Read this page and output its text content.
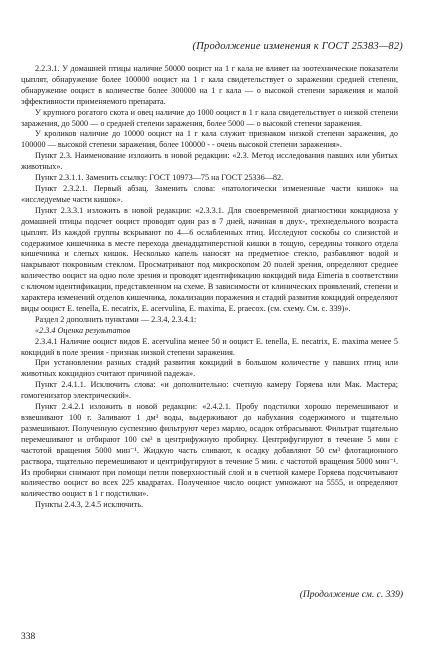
(Продолжение изменения к ГОСТ 25383—82)

2.2.3.1. У домашней птицы наличие 50000 ооцист на 1 г кала не влияет на зоотехнические показатели цыплят, обнаружение более 100000 ооцист на 1 г кала свидетельствует о заражении средней степени, обнаружение ооцист в количестве более 300000 на 1 г кала — о высокой степени заражения и малой эффективности применяемого препарата.

У крупного рогатого скота и овец наличие до 1000 ооцист в 1 г кала свидетельствует о низкой степени заражения, до 5000 — о средней степени заражения, более 5000 — о высокой степени заражения.

У кроликов наличие до 10000 ооцист на 1 г кала служит признаком низкой степени заражения, до 100000 — высокой степени заражения, более 100000 - - очень высокой степени заражения».

Пункт 2.3. Наименование изложить в новой редакции: «2.3. Метод исследования павших или убитых животных».

Пункт 2.3.1.1. Заменить ссылку: ГОСТ 10973—75 на ГОСТ 25336—82.

Пункт 2.3.2.1. Первый абзац. Заменить слова: «патологически измененные части кишок» на «исследуемые части кишок».

Пункт 2.3.3.1 изложить в новой редакции: «2.3.3.1. Для своевременной диагностики кокцидиоза у домашней птицы подсчет ооцист проводят один раз в 7 дней, начиная в двух-, трехнедельного возраста цыплят. Из каждой группы вскрывают по 4—6 ослабленных птиц. Исследуют соскобы со слизистой и содержимое кишечника в месте перехода двенадцатиперстной кишки в тощую, середины тонкого отдела кишечника и слепых кишок. Несколько капель наносят на предметное стекло, разбавляют водой и накрывают покровным стеклом. Просматривают под микроскопом 20 полей зрения, определяют среднее количество ооцист на одно поле зрения и проводят идентификацию кокцидий вида Eimeria в соответствии с ключом идентификации, представленном на схеме. В зависимости от клинических проявлений, степени и характера изменений отделов кишечника, локализации поражения и стадий развития кокцидий определяют виды ооцист E. tenella, E. necatrix, E. acervulina, E. maxima, E. praecox. (см. схему. См. с. 339)».

Раздел 2 дополнить пунктами — 2.3.4, 2.3.4.1:

«2.3.4 Оценка результатов

2.3.4.1 Наличие ооцист видов E. acervulina менее 50 и ооцист E. tenella, E. necatrix, E. maxima менее 5 кокцидий в поле зрения - признак низкой степени заражения.

При установлении разных стадий развития кокцидий в большом количестве у павших птиц или животных кокцидиоз считают причиной падежа».

Пункт 2.4.1.1. Исключить слова: «и дополнительно: счетную камеру Горяева или Мак. Мастера; гомогенизатор электрический».

Пункт 2.4.2.1 изложить в новой редакции: «2.4.2.1. Пробу подстилки хорошо перемешивают и взвешивают 100 г. Заливают 1 дм³ воды, выдерживают до набухания содержимого и тщательно размешивают. Полученную суспензию фильтруют через марлю, осадок отбрасывают. Фильтрат тщательно перемешивают и отбирают 100 см³ в центрифужную пробирку. Центрифугируют в течение 5 мин с частотой вращения 5000 мин⁻¹. Жидкую часть сливают, к осадку добавляют 50 см³ флотационного раствора, тщательно перемешивают и центрифугируют в течение 5 мин. с частотой вращения 5000 мин⁻¹. Из пробирки снимают при помощи петли поверхностный слой и в счетной камере Горяева подсчитывают количество ооцист во всех 225 квадратах. Полученное число ооцист умножают на 5555, и определяют количество ооцист в 1 г подстилки».

Пункты 2.4.3, 2.4.5 исключить.

(Продолжение см. с. 339)
338
